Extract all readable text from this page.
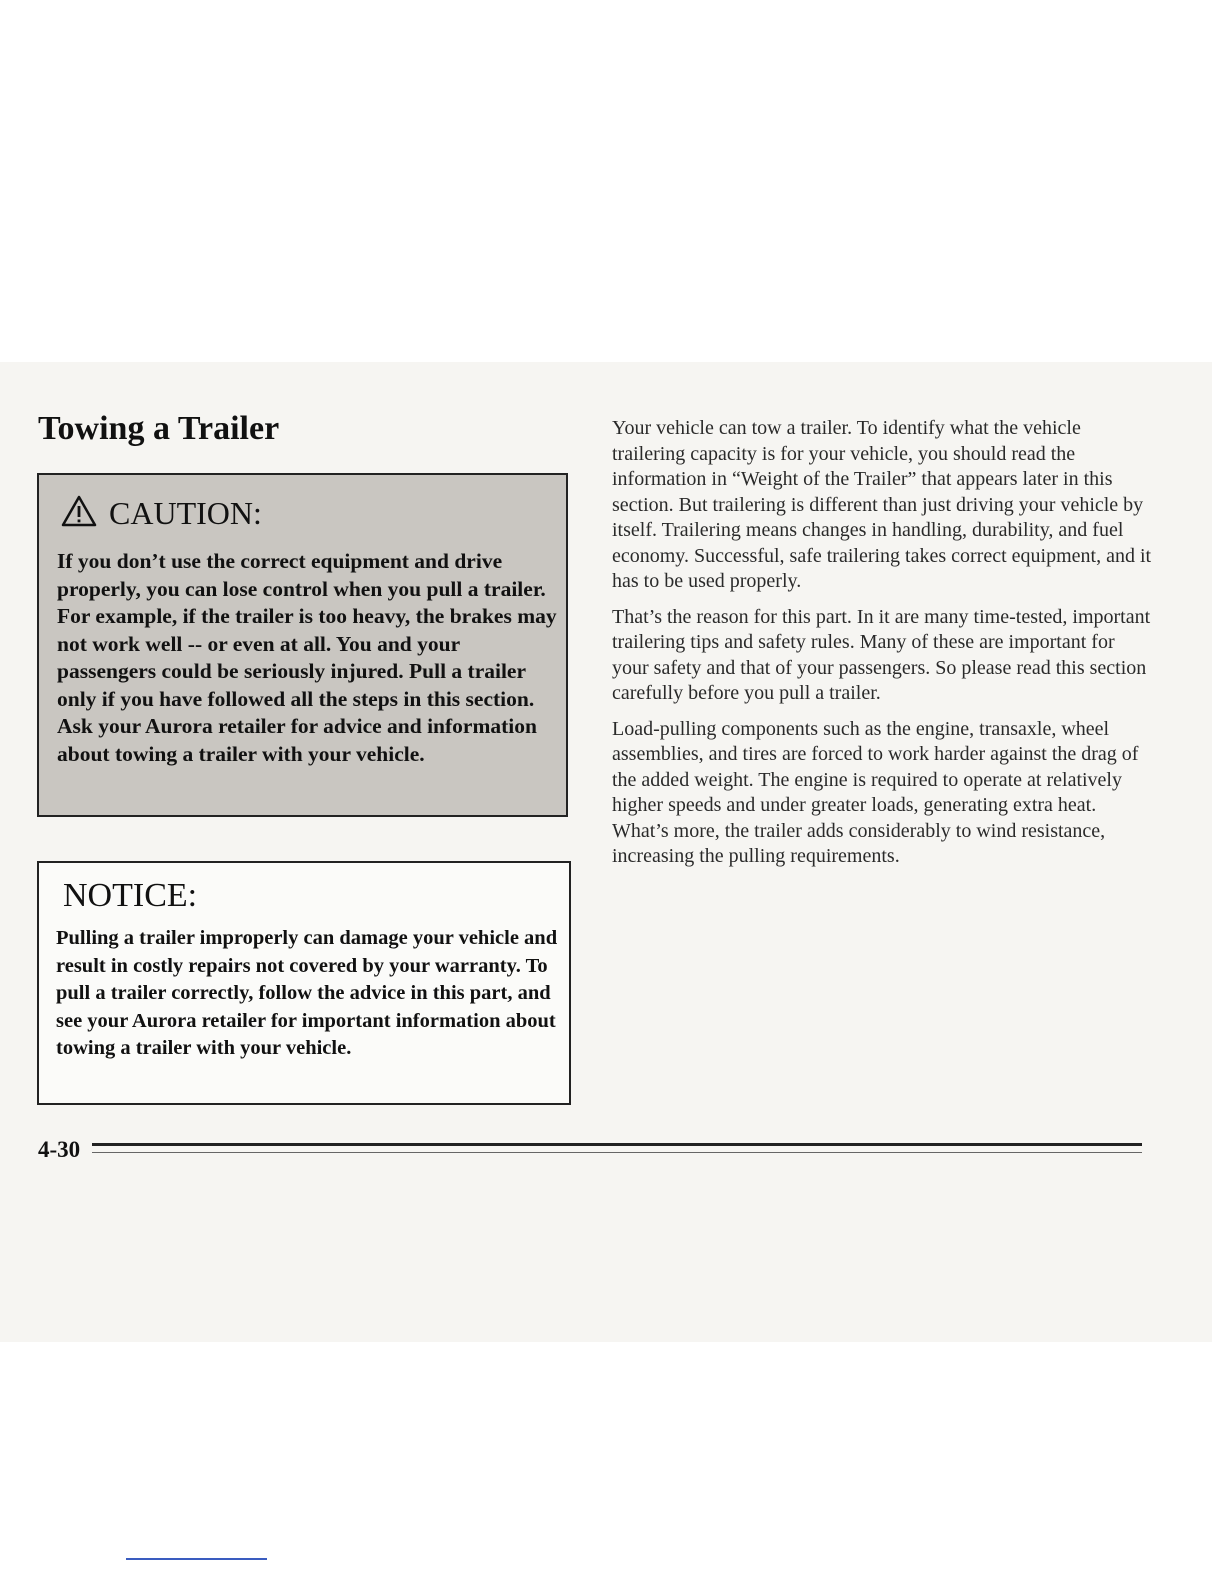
Towing a Trailer
CAUTION:

If you don’t use the correct equipment and drive properly, you can lose control when you pull a trailer. For example, if the trailer is too heavy, the brakes may not work well -- or even at all. You and your passengers could be seriously injured. Pull a trailer only if you have followed all the steps in this section. Ask your Aurora retailer for advice and information about towing a trailer with your vehicle.

NOTICE:

Pulling a trailer improperly can damage your vehicle and result in costly repairs not covered by your warranty. To pull a trailer correctly, follow the advice in this part, and see your Aurora retailer for important information about towing a trailer with your vehicle.

Your vehicle can tow a trailer. To identify what the vehicle trailering capacity is for your vehicle, you should read the information in “Weight of the Trailer” that appears later in this section. But trailering is different than just driving your vehicle by itself. Trailering means changes in handling, durability, and fuel economy. Successful, safe trailering takes correct equipment, and it has to be used properly.

That’s the reason for this part. In it are many time-tested, important trailering tips and safety rules. Many of these are important for your safety and that of your passengers. So please read this section carefully before you pull a trailer.

Load-pulling components such as the engine, transaxle, wheel assemblies, and tires are forced to work harder against the drag of the added weight. The engine is required to operate at relatively higher speeds and under greater loads, generating extra heat. What’s more, the trailer adds considerably to wind resistance, increasing the pulling requirements.

4-30
